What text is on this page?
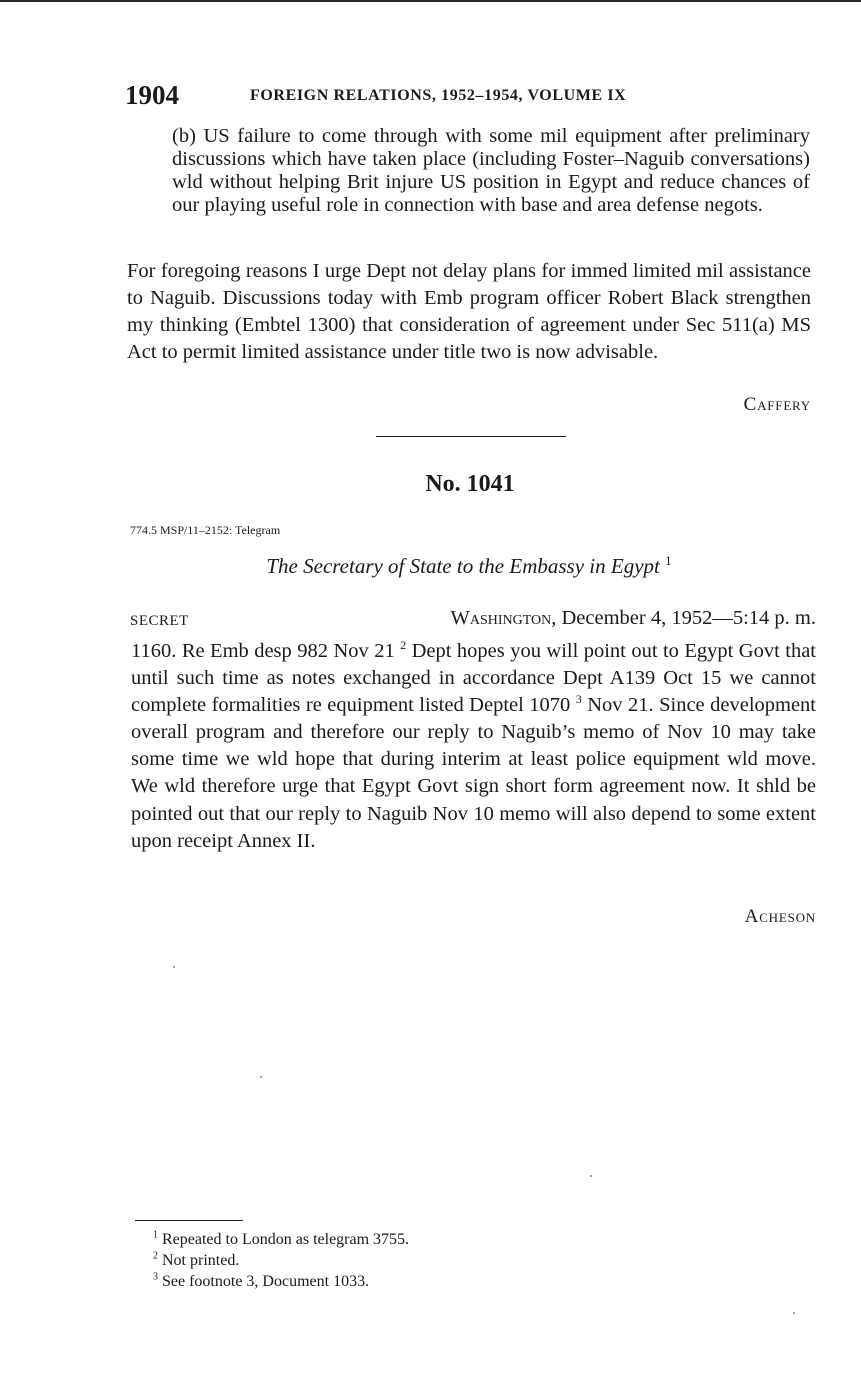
1904	FOREIGN RELATIONS, 1952–1954, VOLUME IX

(b) US failure to come through with some mil equipment after preliminary discussions which have taken place (including Foster–Naguib conversations) wld without helping Brit injure US position in Egypt and reduce chances of our playing useful role in connection with base and area defense negots.

For foregoing reasons I urge Dept not delay plans for immed limited mil assistance to Naguib. Discussions today with Emb program officer Robert Black strengthen my thinking (Embtel 1300) that consideration of agreement under Sec 511(a) MS Act to permit limited assistance under title two is now advisable.

Caffery
No. 1041
774.5 MSP/11–2152: Telegram
The Secretary of State to the Embassy in Egypt $^1$
SECRET	Washington, December 4, 1952—5:14 p. m.

1160. Re Emb desp 982 Nov 21 $^2$ Dept hopes you will point out to Egypt Govt that until such time as notes exchanged in accordance Dept A139 Oct 15 we cannot complete formalities re equipment listed Deptel 1070 $^3$ Nov 21. Since development overall program and therefore our reply to Naguib’s memo of Nov 10 may take some time we wld hope that during interim at least police equipment wld move. We wld therefore urge that Egypt Govt sign short form agreement now. It shld be pointed out that our reply to Naguib Nov 10 memo will also depend to some extent upon receipt Annex II.

Acheson
$^1$ Repeated to London as telegram 3755.
$^2$ Not printed.
$^3$ See footnote 3, Document 1033.
